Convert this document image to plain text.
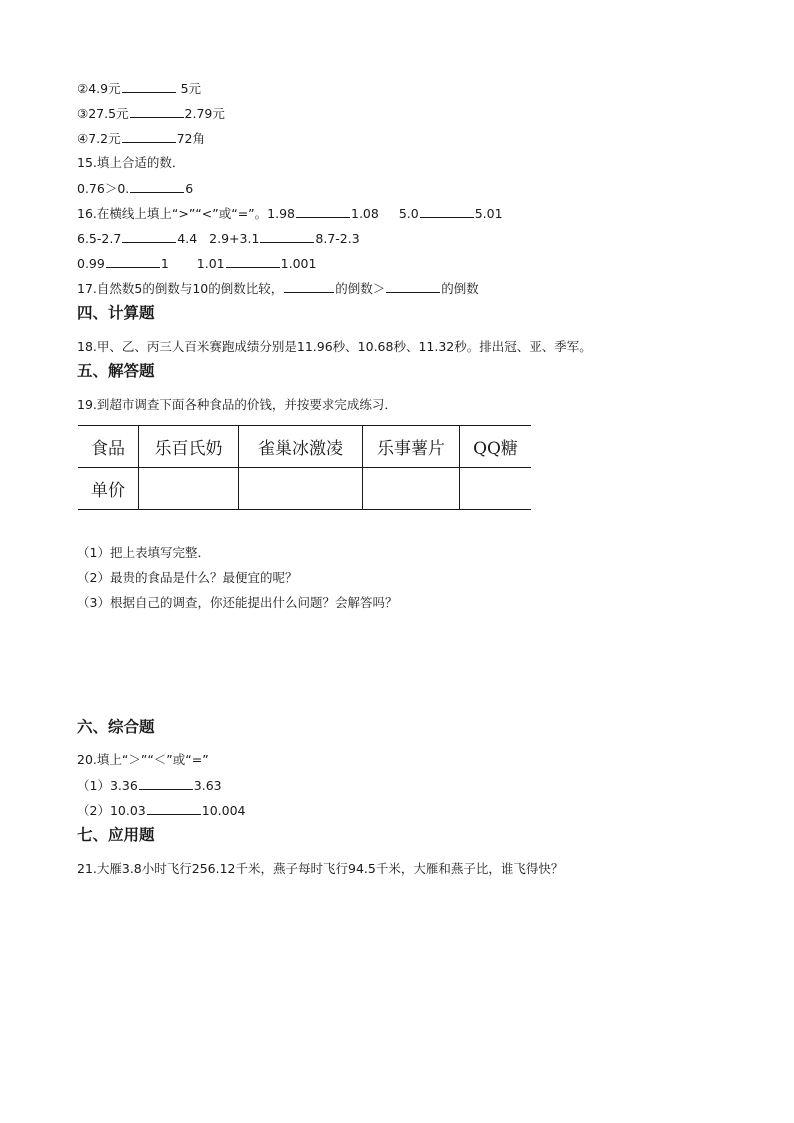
②4.9元	5元
③27.5元	2.79元
④7.2元	72角
15.填上合适的数．
0.76＞0.	6
16.在横线上填上“>”“<”或“=”。1.98	1.08 5.0	5.01
6.5-2.7	4.4 2.9+3.1	8.7-2.3
0.99	1 1.01	1.001
17.自然数5的倒数与10的倒数比较，	的倒数＞	的倒数
四、计算题
18.甲、乙、丙三人百米赛跑成绩分别是11.96秒、10.68秒、11.32秒。排出冠、亚、季军。
五、解答题
19.到超市调查下面各种食品的价钱，并按要求完成练习．
食品	乐百氏奶	雀巢冰激凌	乐事薯片	QQ糖
单价				
（1）把上表填写完整．
（2）最贵的食品是什么？最便宜的呢？
（3）根据自己的调查，你还能提出什么问题？会解答吗？
六、综合题
20.填上“＞”“＜”或“=”
（1）3.36	3.63
（2）10.03	10.004
七、应用题
21.大雁3.8小时飞行256.12千米，燕子每时飞行94.5千米，大雁和燕子比，谁飞得快？
